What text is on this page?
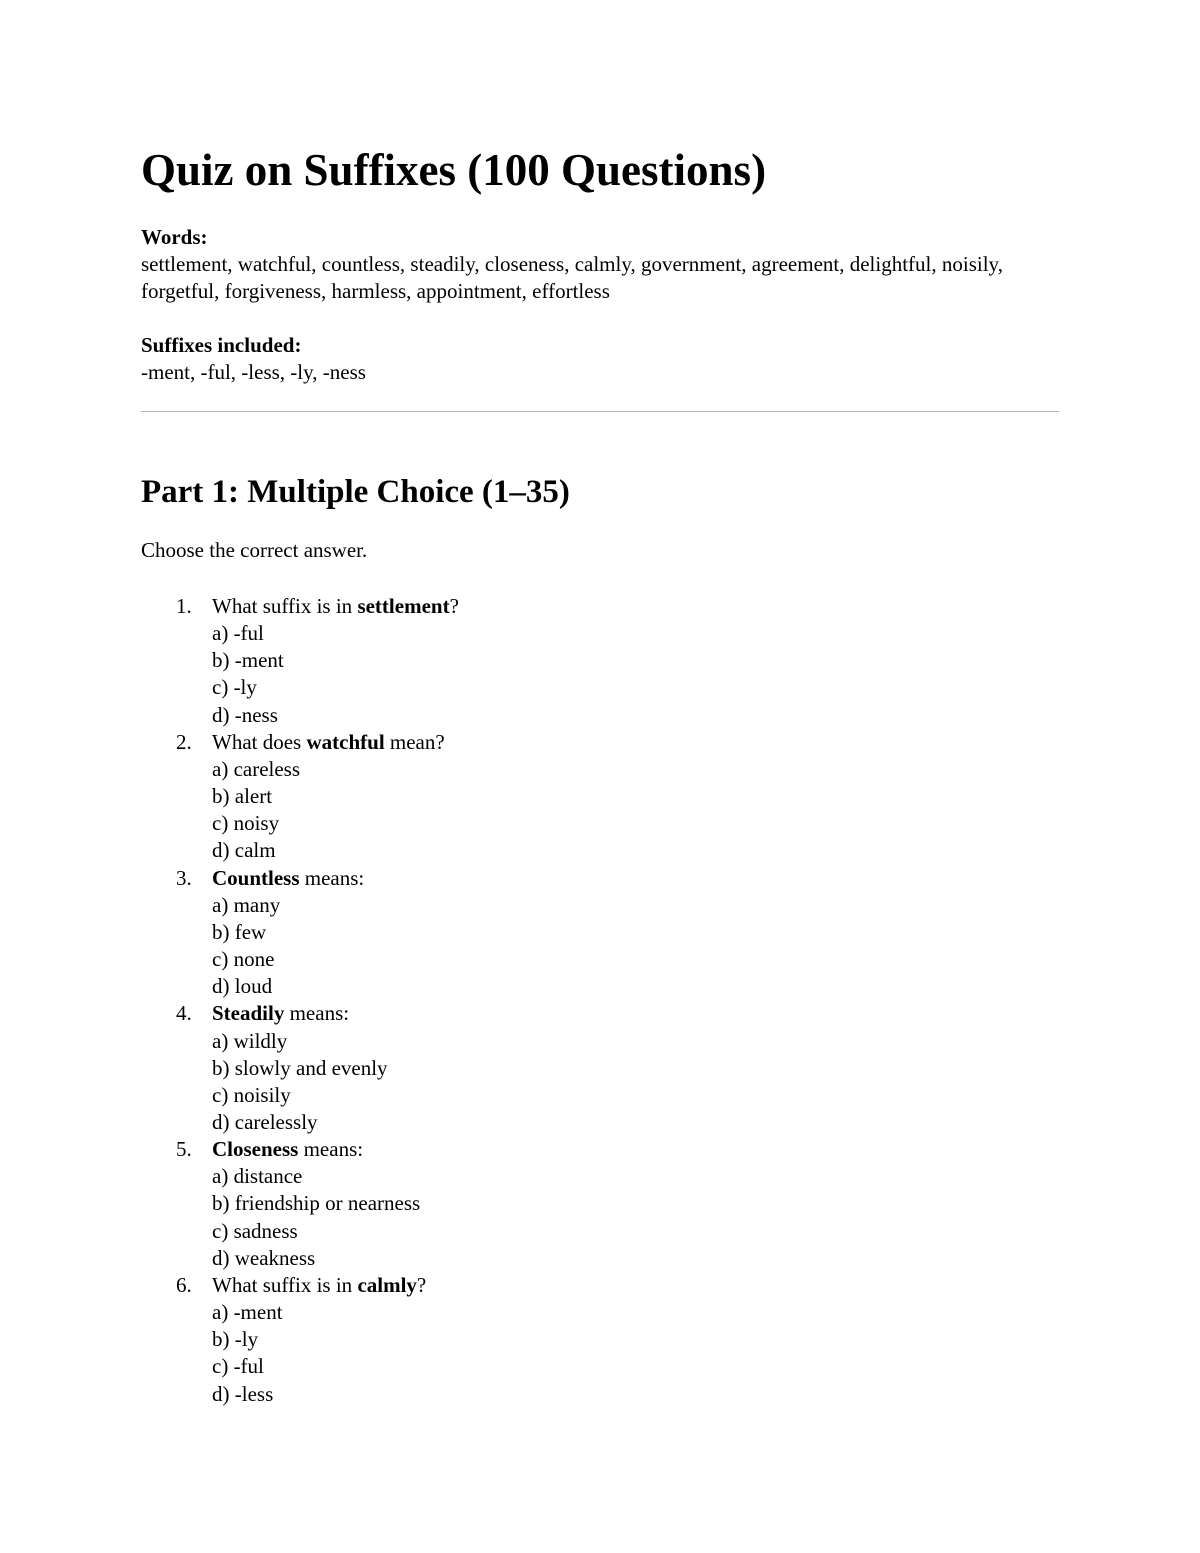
Quiz on Suffixes (100 Questions)
Words:
settlement, watchful, countless, steadily, closeness, calmly, government, agreement, delightful, noisily, forgetful, forgiveness, harmless, appointment, effortless
Suffixes included:
-ment, -ful, -less, -ly, -ness
Part 1: Multiple Choice (1–35)
Choose the correct answer.
1. What suffix is in settlement?
a) -ful
b) -ment
c) -ly
d) -ness
2. What does watchful mean?
a) careless
b) alert
c) noisy
d) calm
3. Countless means:
a) many
b) few
c) none
d) loud
4. Steadily means:
a) wildly
b) slowly and evenly
c) noisily
d) carelessly
5. Closeness means:
a) distance
b) friendship or nearness
c) sadness
d) weakness
6. What suffix is in calmly?
a) -ment
b) -ly
c) -ful
d) -less
